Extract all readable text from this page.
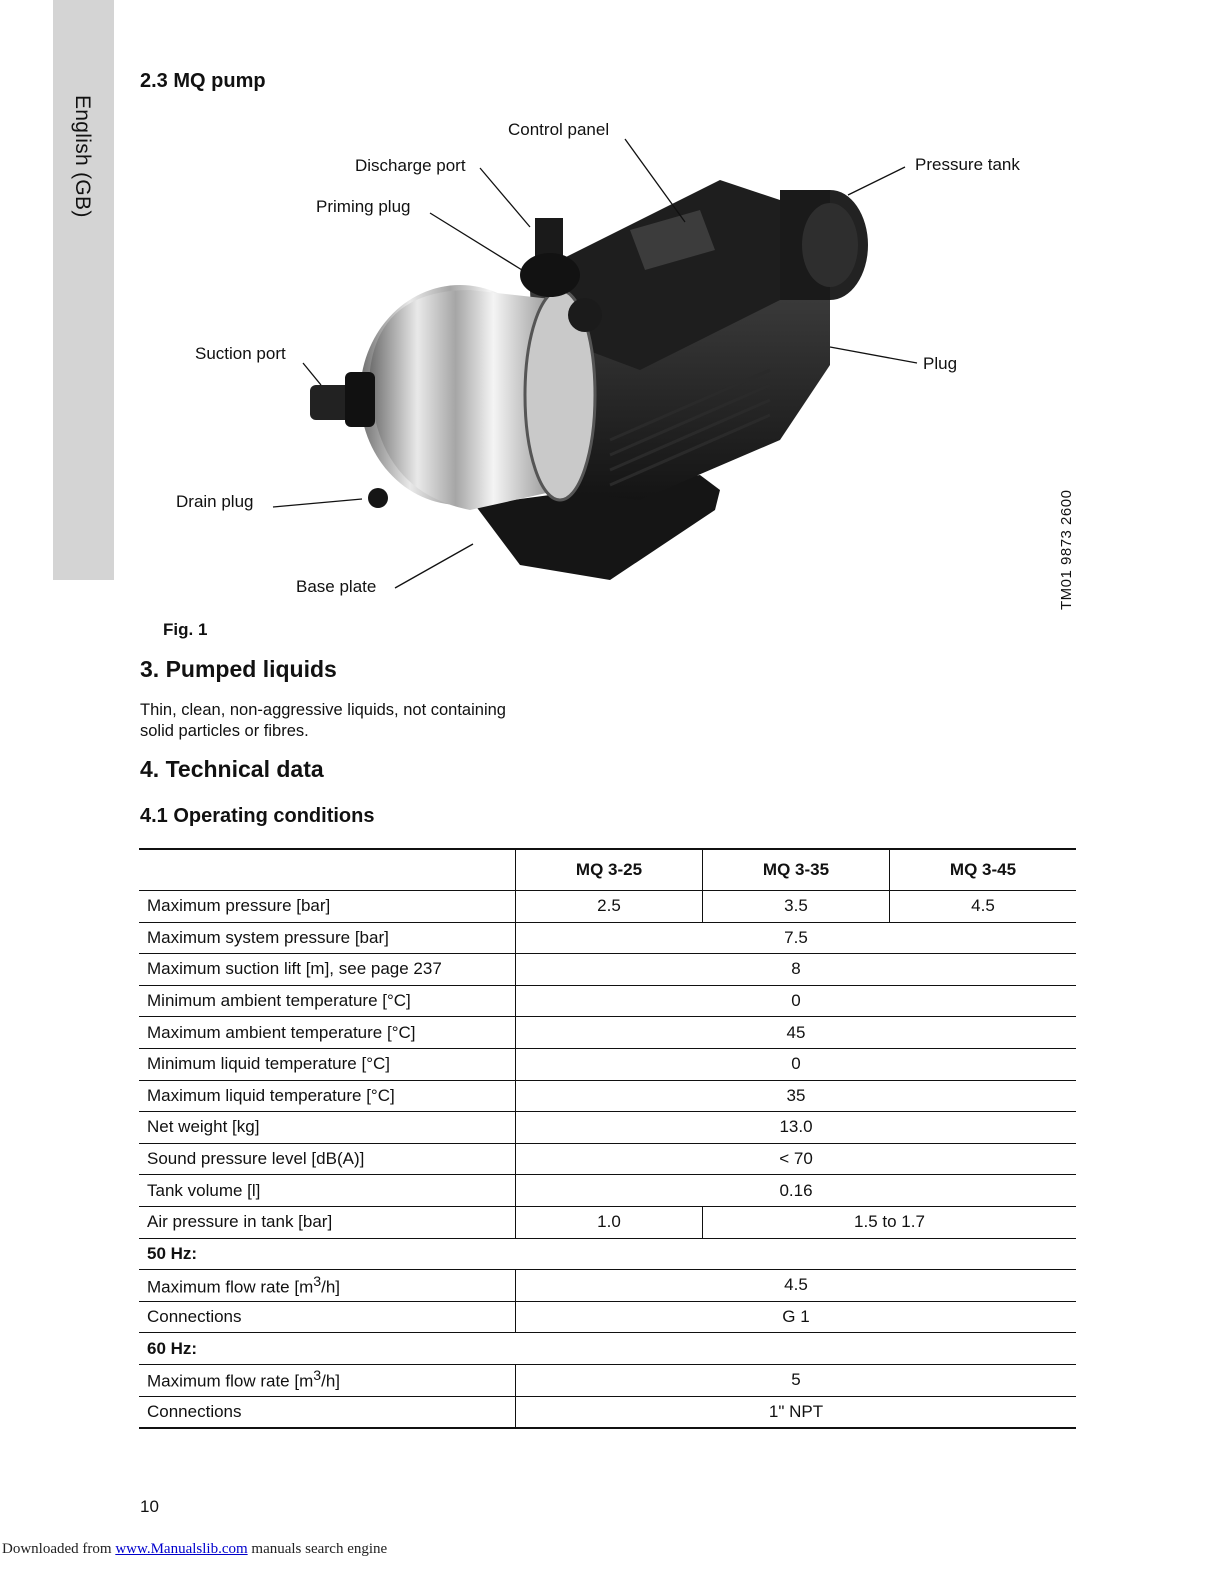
English (GB)
2.3 MQ pump
Control panel
Discharge port	Pressure tank
Priming plug
Suction port
Plug
Drain plug
Base plate	TM01 9873 2600
Fig. 1
3. Pumped liquids
Thin, clean, non-aggressive liquids, not containing
solid particles or fibres.
4. Technical data
4.1 Operating conditions
	MQ 3-25	MQ 3-35	MQ 3-45
Maximum pressure [bar]	2.5	3.5	4.5
Maximum system pressure [bar]	7.5		
Maximum suction lift [m], see page 237	8		
Minimum ambient temperature [°C]	0		
Maximum ambient temperature [°C]	45		
Minimum liquid temperature [°C]	0		
Maximum liquid temperature [°C]	35		
Net weight [kg]	13.0		
Sound pressure level [dB(A)]	< 70		
Tank volume [l]	0.16		
Air pressure in tank [bar]	1.0	1.5 to 1.7	
50 Hz:			
Maximum flow rate $[m^3/h]$	4.5		
Connections	G 1		
60 Hz:			
Maximum flow rate $[m^3/h]$	5		
Connections	1" NPT		
10
Downloaded from www.Manualslib.com manuals search engine
